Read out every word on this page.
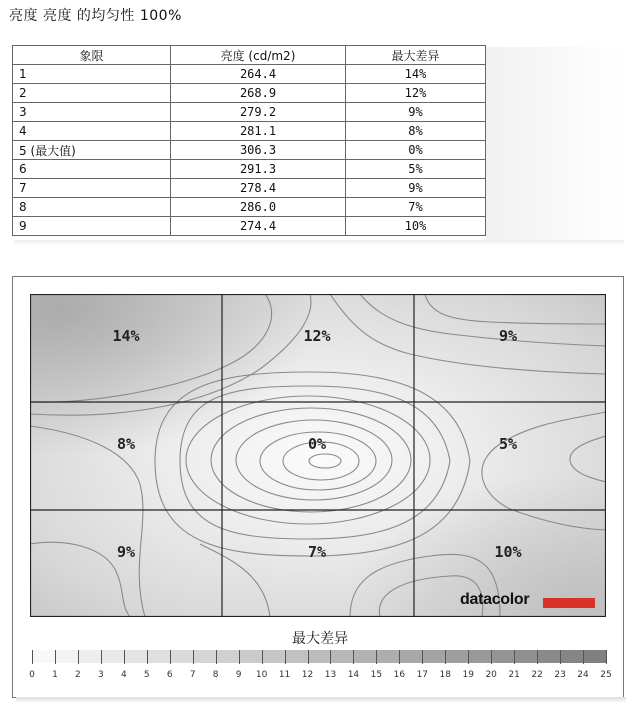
亮度 亮度 的均匀性 100%
象限	亮度 (cd/m2)	最大差异
1	264.4	14%
2	268.9	12%
3	279.2	9%
4	281.1	8%
5 (最大值)	306.3	0%
6	291.3	5%
7	278.4	9%
8	286.0	7%
9	274.4	10%
14%	12%	9%
8%	0%	5%
9%	7%	10%
datacolor
最大差异
0 1 2 3 4 5 6 7 8 9 10 11 12 13 14 15 16 17 18 19 20 21 22 23 24 25
